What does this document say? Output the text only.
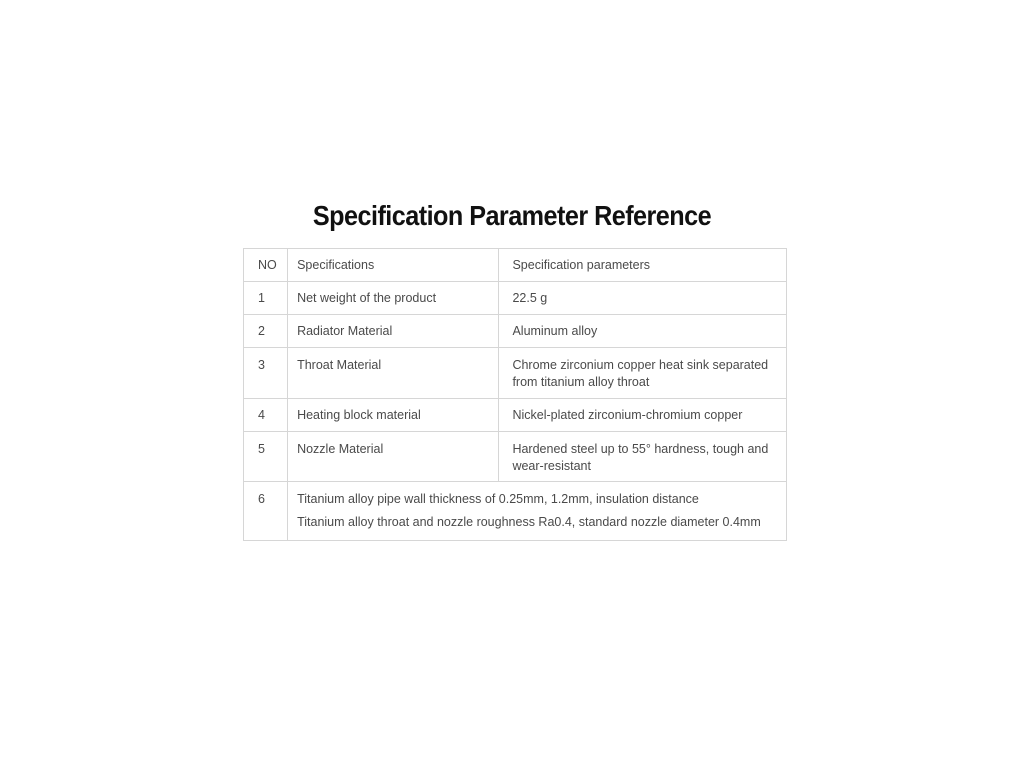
Specification Parameter Reference
NO	Specifications	Specification parameters
1	Net weight of the product	22.5 g
2	Radiator Material	Aluminum alloy
3	Throat Material	Chrome zirconium copper heat sink separated
from titanium alloy throat

4	Heating block material	Nickel-plated zirconium-chromium copper
5	Nozzle Material	Hardened steel up to 55° hardness, tough and
wear-resistant

6	Titanium alloy pipe wall thickness of 0.25mm, 1.2mm, insulation distance
Titanium alloy throat and nozzle roughness Ra0.4, standard nozzle diameter 0.4mm	
